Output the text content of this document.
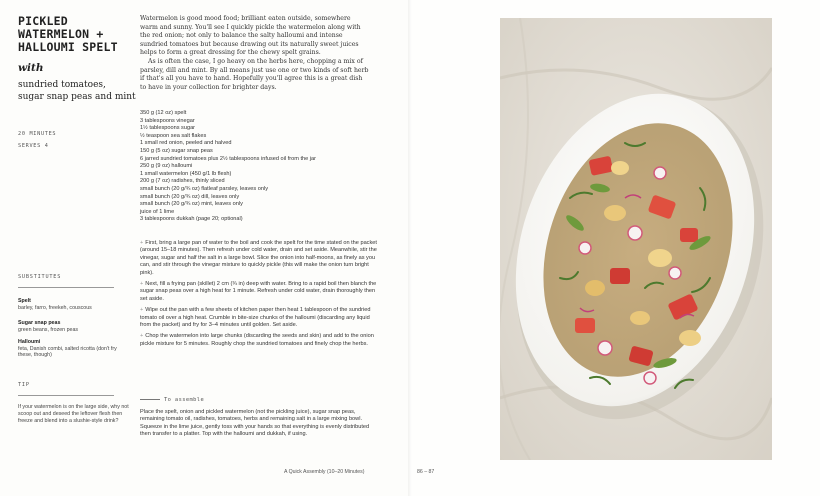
PICKLED
WATERMELON +
HALLOUMI SPELT
with
sundried tomatoes,
sugar snap peas and mint
20 MINUTES
SERVES 4

Watermelon is good mood food; brilliant eaten outside, somewhere warm and sunny. You'll see I quickly pickle the watermelon along with the red onion; not only to balance the salty halloumi and intense sundried tomatoes but because drawing out its naturally sweet juices helps to form a great dressing for the chewy spelt grains.

As is often the case, I go heavy on the herbs here, chopping a mix of parsley, dill and mint. By all means just use one or two kinds of soft herb if that's all you have to hand. Hopefully you'll agree this is a great dish to have in your collection for brighter days.

350 g (12 oz) spelt
3 tablespoons vinegar
1½ tablespoons sugar
½ teaspoon sea salt flakes
1 small red onion, peeled and halved
150 g (5 oz) sugar snap peas
6 jarred sundried tomatoes plus 2½ tablespoons infused oil from the jar
250 g (9 oz) halloumi
1 small watermelon (450 g/1 lb flesh)
200 g (7 oz) radishes, thinly sliced
small bunch (20 g/¾ oz) flatleaf parsley, leaves only
small bunch (20 g/¾ oz) dill, leaves only
small bunch (20 g/¾ oz) mint, leaves only
juice of 1 lime
3 tablespoons dukkah (page 20; optional)

+ First, bring a large pan of water to the boil and cook the spelt for the time stated on the packet (around 15–18 minutes). Then refresh under cold water, drain and set aside. Meanwhile, stir the vinegar, sugar and half the salt in a large bowl. Slice the onion into half-moons, as finely as you can, and stir through the vinegar mixture to quickly pickle (this will make the onion turn bright pink).

+ Next, fill a frying pan (skillet) 2 cm (¾ in) deep with water. Bring to a rapid boil then blanch the sugar snap peas over a high heat for 1 minute. Refresh under cold water, drain thoroughly then set aside.

+ Wipe out the pan with a few sheets of kitchen paper then heat 1 tablespoon of the sundried tomato oil over a high heat. Crumble in bite-size chunks of the halloumi (discarding any liquid from the packet) and fry for 3–4 minutes until golden. Set aside.

+ Chop the watermelon into large chunks (discarding the seeds and skin) and add to the onion pickle mixture for 5 minutes. Roughly chop the sundried tomatoes and finely chop the herbs.

To assemble

Place the spelt, onion and pickled watermelon (not the pickling juice), sugar snap peas, remaining tomato oil, radishes, tomatoes, herbs and remaining salt in a large mixing bowl. Squeeze in the lime juice, gently toss with your hands so that everything is evenly distributed then transfer to a platter. Top with the halloumi and dukkah, if using.

SUBSTITUTES
Spelt
barley, farro, freekeh, couscous
Sugar snap peas
green beans, frozen peas
Halloumi
feta, Danish combi, salted ricotta (don't fry these, though)
TIP

If your watermelon is on the large side, why not scoop out and deseed the leftover flesh then freeze and blend into a slushie-style drink?

A Quick Assembly (10–20 Minutes)	86 – 87
